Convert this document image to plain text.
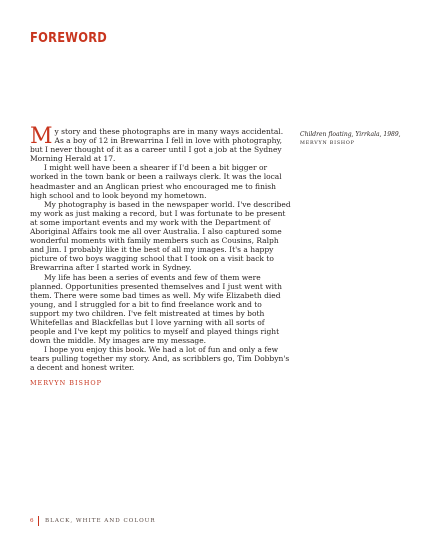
FOREWORD

My story and these photographs are in many ways accidental. As a boy of 12 in Brewarrina I fell in love with photography, but I never thought of it as a career until I got a job at the Sydney Morning Herald at 17.

I might well have been a shearer if I'd been a bit bigger or worked in the town bank or been a railways clerk. It was the local headmaster and an Anglican priest who encouraged me to finish high school and to look beyond my hometown.

My photography is based in the newspaper world. I've described my work as just making a record, but I was fortunate to be present at some important events and my work with the Department of Aboriginal Affairs took me all over Australia. I also captured some wonderful moments with family members such as Cousins, Ralph and Jim. I probably like it the best of all my images. It's a happy picture of two boys wagging school that I took on a visit back to Brewarrina after I started work in Sydney.

My life has been a series of events and few of them were planned. Opportunities presented themselves and I just went with them. There were some bad times as well. My wife Elizabeth died young, and I struggled for a bit to find freelance work and to support my two children. I've felt mistreated at times by both Whitefellas and Blackfellas but I love yarning with all sorts of people and I've kept my politics to myself and played things right down the middle. My images are my message.

I hope you enjoy this book. We had a lot of fun and only a few tears pulling together my story. And, as scribblers go, Tim Dobbyn's a decent and honest writer.

MERVYN BISHOP
Children floating, Yirrkala, 1989,
MERVYN BISHOP
6 BLACK, WHITE AND COLOUR
